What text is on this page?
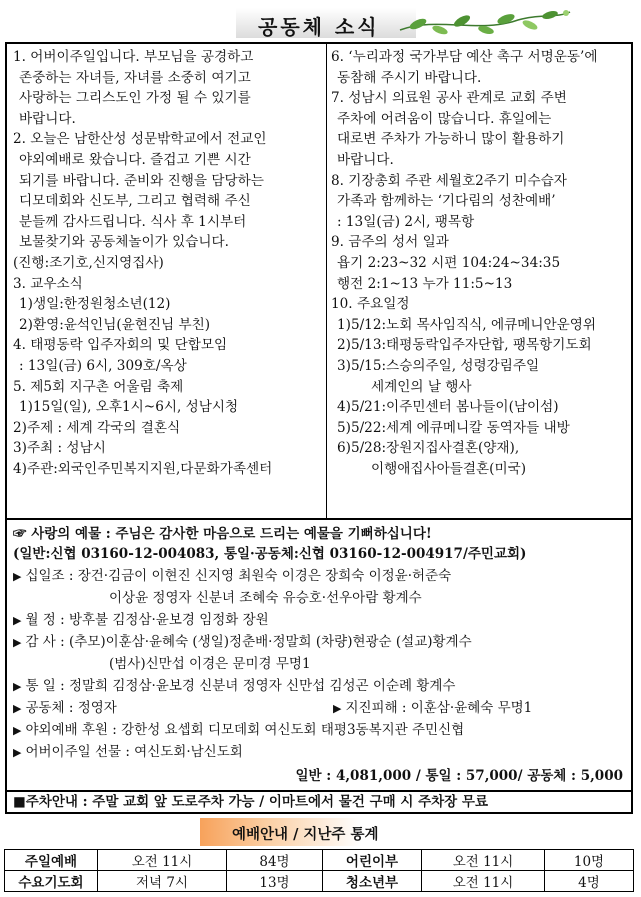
공동체 소식
1. 어버이주일입니다. 부모님을 공경하고
존중하는 자녀들, 자녀를 소중히 여기고
사랑하는 그리스도인 가정 될 수 있기를
바랍니다.
2. 오늘은 남한산성 성문밖학교에서 전교인
야외예배로 왔습니다. 즐겁고 기쁜 시간
되기를 바랍니다. 준비와 진행을 담당하는
디모데회와 신도부, 그리고 협력해 주신
분들께 감사드립니다. 식사 후 1시부터
보물찾기와 공동체놀이가 있습니다.
(진행:조기호,신지영집사)
3. 교우소식
1)생일:한정원청소년(12)
2)환영:윤석인님(윤현진님 부친)
4. 태평동락 입주자회의 및 단합모임
: 13일(금) 6시, 309호/옥상
5. 제5회 지구촌 어울림 축제
1)15일(일), 오후1시~6시, 성남시청
2)주제 : 세계 각국의 결혼식
3)주최 : 성남시
4)주관:외국인주민복지지원,다문화가족센터
6. ‘누리과정 국가부담 예산 촉구 서명운동’에
동참해 주시기 바랍니다.
7. 성남시 의료원 공사 관계로 교회 주변
주차에 어려움이 많습니다. 휴일에는
대로변 주차가 가능하니 많이 활용하기
바랍니다.
8. 기장총회 주관 세월호2주기 미수습자
가족과 함께하는 ‘기다림의 성찬예배’
: 13일(금) 2시, 팽목항
9. 금주의 성서 일과
욥기 2:23~32 시편 104:24~34:35
행전 2:1~13 누가 11:5~13
10. 주요일정
1)5/12:노회 목사임직식, 에큐메니안운영위
2)5/13:태평동락입주자단합, 팽목항기도회
3)5/15:스승의주일, 성령강림주일
세계인의 날 행사
4)5/21:이주민센터 봄나들이(남이섬)
5)5/22:세계 에큐메니칼 동역자들 내방
6)5/28:장원지집사결혼(양재),
이행애집사아들결혼(미국)
☞ 사랑의 예물 : 주님은 감사한 마음으로 드리는 예물을 기뻐하십니다!
(일반:신협 03160-12-004083, 통일·공동체:신협 03160-12-004917/주민교회)
▶ 십일조 : 장건·김금이 이현진 신지영 최원숙 이경은 장희숙 이정윤·허준숙
이상윤 정영자 신분녀 조혜숙 유승호·선우아람 황계수
▶ 월 정 : 방후불 김정삼·윤보경 임정화 장원
▶ 감 사 : (추모)이훈삼·윤혜숙 (생일)정춘배·정말희 (차량)현광순 (설교)황계수
(범사)신만섭 이경은 문미경 무명1
▶ 통 일 : 정말희 김정삼·윤보경 신분녀 정영자 신만섭 김성곤 이순례 황계수
▶ 공동체 : 정영자	▶ 지진피해 : 이훈삼·윤혜숙 무명1
▶ 야외예배 후원 : 강한성 요셉회 디모데회 여신도회 태평3동복지관 주민신협
▶ 어버이주일 선물 : 여신도회·남신도회
일반 : 4,081,000 / 통일 : 57,000/ 공동체 : 5,000
■주차안내 : 주말 교회 앞 도로주차 가능 / 이마트에서 물건 구매 시 주차장 무료
예배안내 / 지난주 통계
주일예배	오전 11시	84명	어린이부	오전 11시	10명
수요기도회	저녁 7시	13명	청소년부	오전 11시	4명
